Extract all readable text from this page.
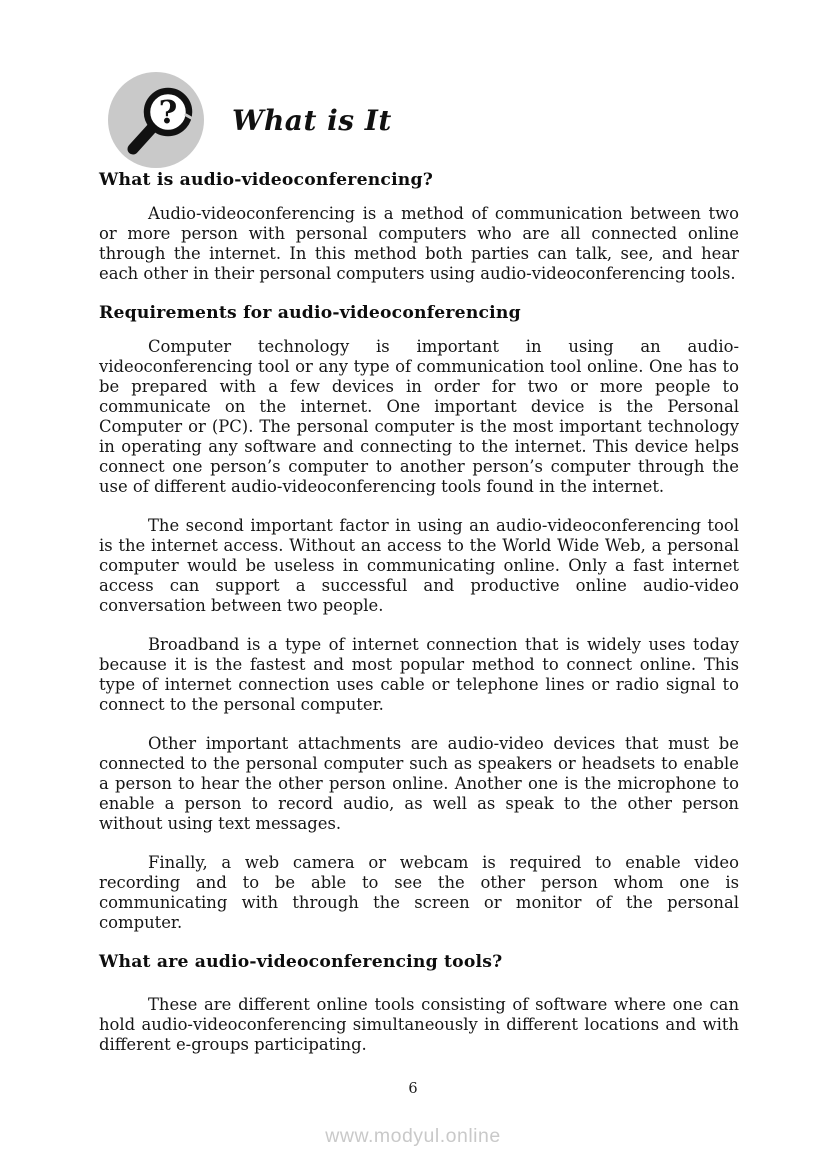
? What is It
What is audio-videoconferencing?

Audio-videoconferencing is a method of communication between two or more person with personal computers who are all connected online through the internet. In this method both parties can talk, see, and hear each other in their personal computers using audio-videoconferencing tools.

Requirements for audio-videoconferencing

Computer technology is important in using an audio-videoconferencing tool or any type of communication tool online. One has to be prepared with a few devices in order for two or more people to communicate on the internet. One important device is the Personal Computer or (PC). The personal computer is the most important technology in operating any software and connecting to the internet. This device helps connect one person’s computer to another person’s computer through the use of different audio-videoconferencing tools found in the internet.

The second important factor in using an audio-videoconferencing tool is the internet access. Without an access to the World Wide Web, a personal computer would be useless in communicating online. Only a fast internet access can support a successful and productive online audio-video conversation between two people.

Broadband is a type of internet connection that is widely uses today because it is the fastest and most popular method to connect online. This type of internet connection uses cable or telephone lines or radio signal to connect to the personal computer.

Other important attachments are audio-video devices that must be connected to the personal computer such as speakers or headsets to enable a person to hear the other person online. Another one is the microphone to enable a person to record audio, as well as speak to the other person without using text messages.

Finally, a web camera or webcam is required to enable video recording and to be able to see the other person whom one is communicating with through the screen or monitor of the personal computer.

What are audio-videoconferencing tools?

These are different online tools consisting of software where one can hold audio-videoconferencing simultaneously in different locations and with different e-groups participating.

6
www.modyul.online
